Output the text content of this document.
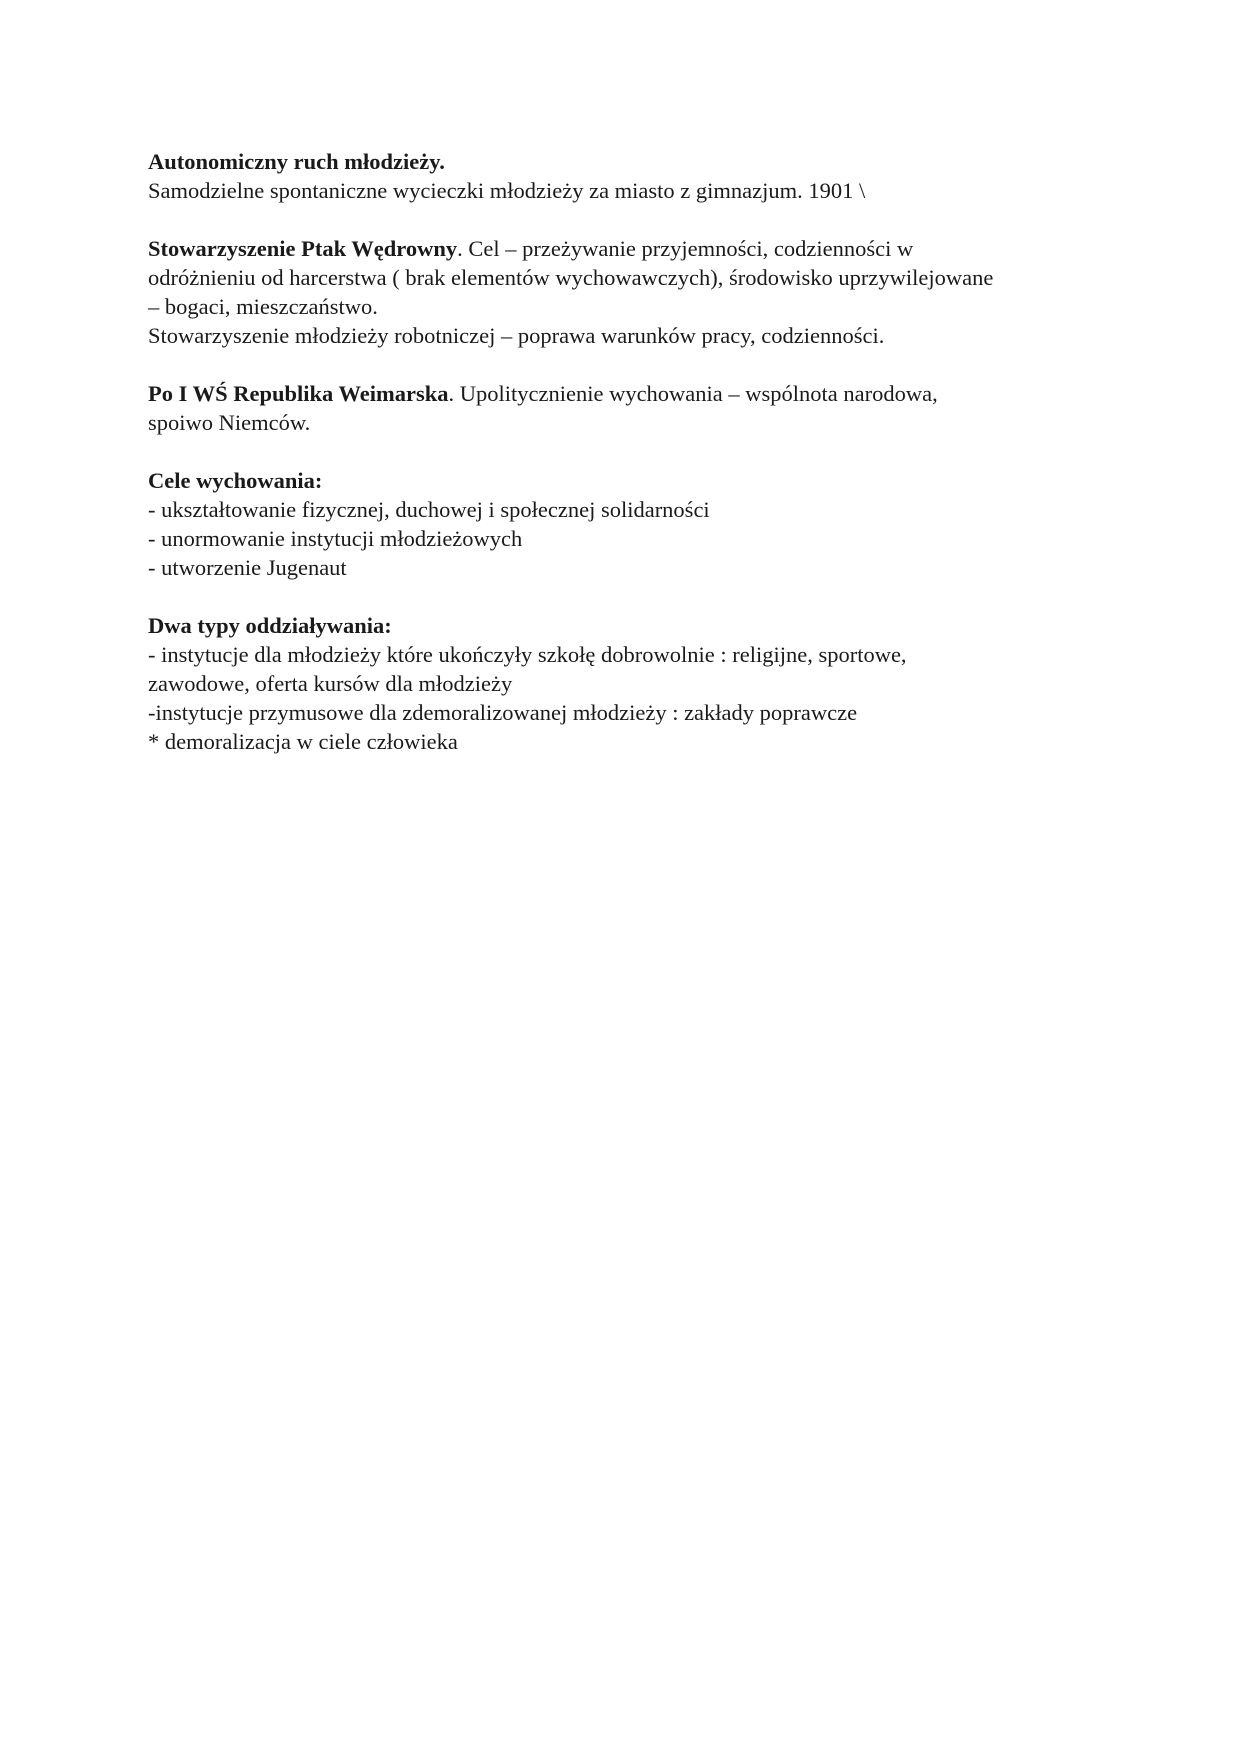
Autonomiczny ruch młodzieży.

Samodzielne spontaniczne wycieczki młodzieży za miasto z gimnazjum. 1901 \

Stowarzyszenie Ptak Wędrowny. Cel – przeżywanie przyjemności, codzienności w

odróżnieniu od harcerstwa ( brak elementów wychowawczych), środowisko uprzywilejowane

– bogaci, mieszczaństwo.

Stowarzyszenie młodzieży robotniczej – poprawa warunków pracy, codzienności.

Po I WŚ Republika Weimarska. Upolitycznienie wychowania – wspólnota narodowa,

spoiwo Niemców.

Cele wychowania:

- ukształtowanie fizycznej, duchowej i społecznej solidarności

- unormowanie instytucji młodzieżowych

- utworzenie Jugenaut

Dwa typy oddziaływania:

- instytucje dla młodzieży które ukończyły szkołę dobrowolnie : religijne, sportowe,

zawodowe, oferta kursów dla młodzieży

-instytucje przymusowe dla zdemoralizowanej młodzieży : zakłady poprawcze

* demoralizacja w ciele człowieka
